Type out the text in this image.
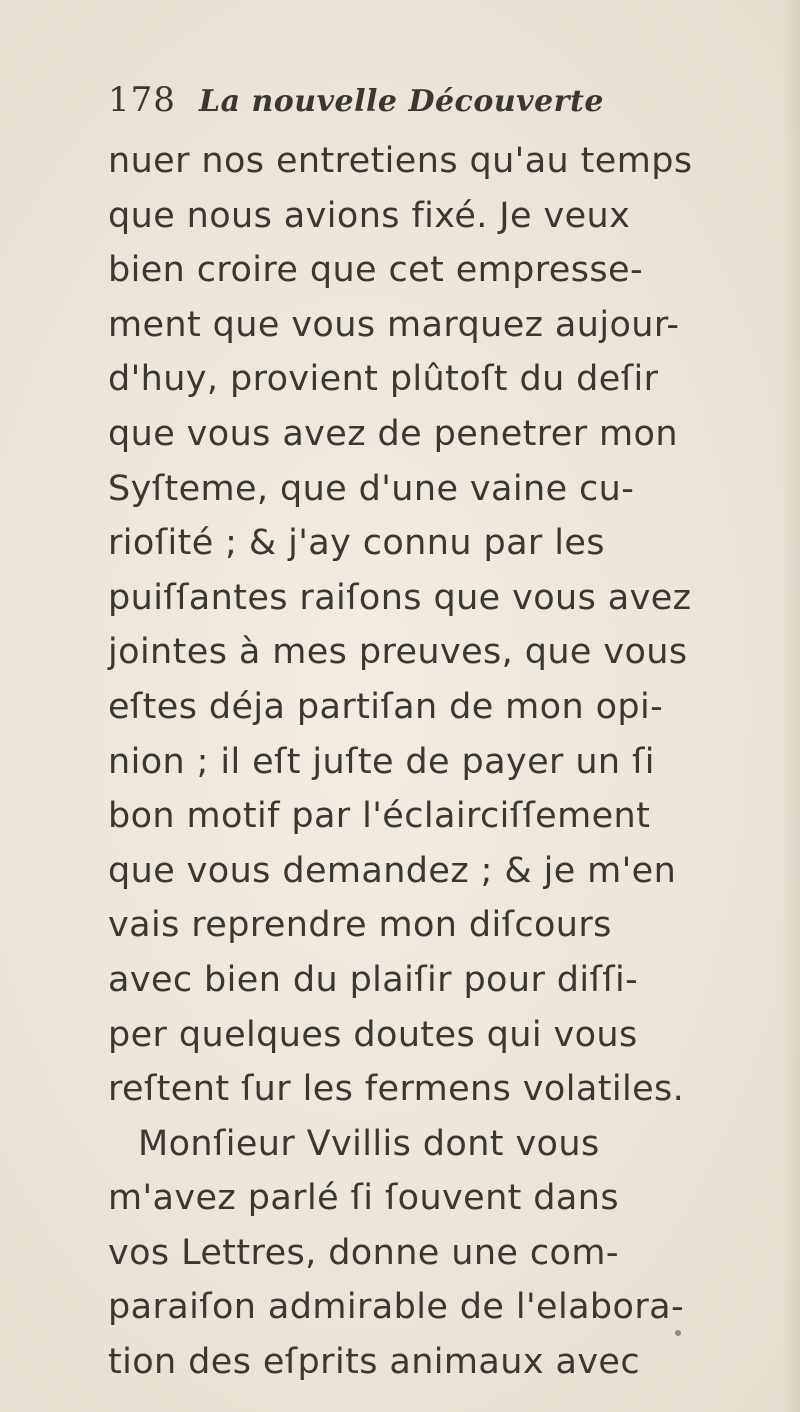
178 La nouvelle Découverte
nuer nos entretiens qu'au temps
que nous avions fixé. Je veux
bien croire que cet empresse-
ment que vous marquez aujour-
d'huy, provient plûtoſt du deſir
que vous avez de penetrer mon
Syſteme, que d'une vaine cu-
rioſité ; & j'ay connu par les
puiſſantes raiſons que vous avez
jointes à mes preuves, que vous
eſtes déja partiſan de mon opi-
nion ; il eſt juſte de payer un ſi
bon motif par l'éclairciſſement
que vous demandez ; & je m'en
vais reprendre mon diſcours
avec bien du plaiſir pour diſſi-
per quelques doutes qui vous
reſtent ſur les fermens volatiles.
Monſieur Vvillis dont vous
m'avez parlé ſi ſouvent dans
vos Lettres, donne une com-
paraiſon admirable de l'elabora-
tion des eſprits animaux avec
